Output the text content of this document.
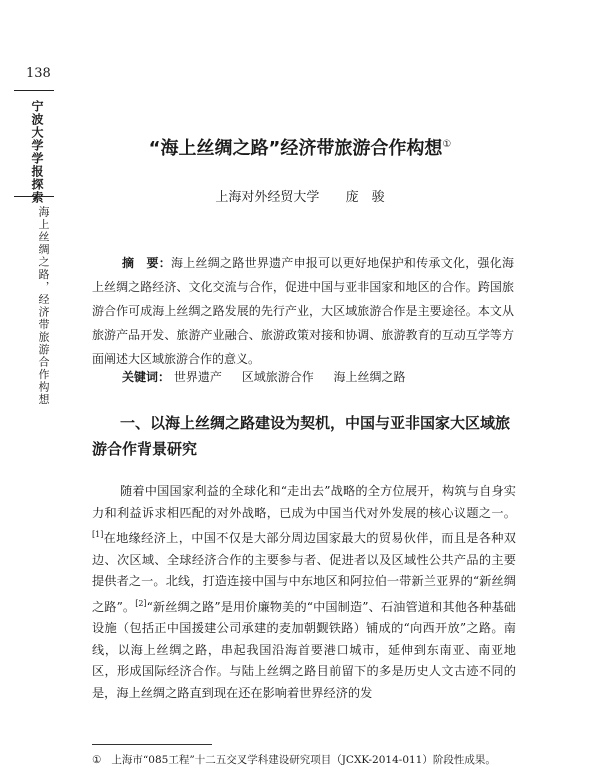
138
宁波大学学报探索
海上丝绸之路，经济带旅游合作构想
“海上丝绸之路”经济带旅游合作构想①
上海对外经贸大学 庞　骏
摘　要：海上丝绸之路世界遗产申报可以更好地保护和传承文化，强化海上丝绸之路经济、文化交流与合作，促进中国与亚非国家和地区的合作。跨国旅游合作可成海上丝绸之路发展的先行产业，大区域旅游合作是主要途径。本文从旅游产品开发、旅游产业融合、旅游政策对接和协调、旅游教育的互动互学等方面阐述大区域旅游合作的意义。
关键词： 世界遗产 区域旅游合作 海上丝绸之路
一、以海上丝绸之路建设为契机，中国与亚非国家大区域旅游合作背景研究
随着中国国家利益的全球化和“走出去”战略的全方位展开，构筑与自身实力和利益诉求相匹配的对外战略，已成为中国当代对外发展的核心议题之一。[1]在地缘经济上，中国不仅是大部分周边国家最大的贸易伙伴，而且是各种双边、次区域、全球经济合作的主要参与者、促进者以及区域性公共产品的主要提供者之一。北线，打造连接中国与中东地区和阿拉伯一带新兰亚界的“新丝绸之路”。[2]“新丝绸之路”是用价廉物美的“中国制造”、石油管道和其他各种基础设施（包括正中国援建公司承建的麦加朝觐铁路）铺成的“向西开放”之路。南线，以海上丝绸之路，串起我国沿海首要港口城市，延伸到东南亚、南亚地区，形成国际经济合作。与陆上丝绸之路目前留下的多是历史人文古迹不同的是，海上丝绸之路直到现在还在影响着世界经济的发
① 上海市“085工程”十二五交叉学科建设研究项目（JCXK-2014-011）阶段性成果。
